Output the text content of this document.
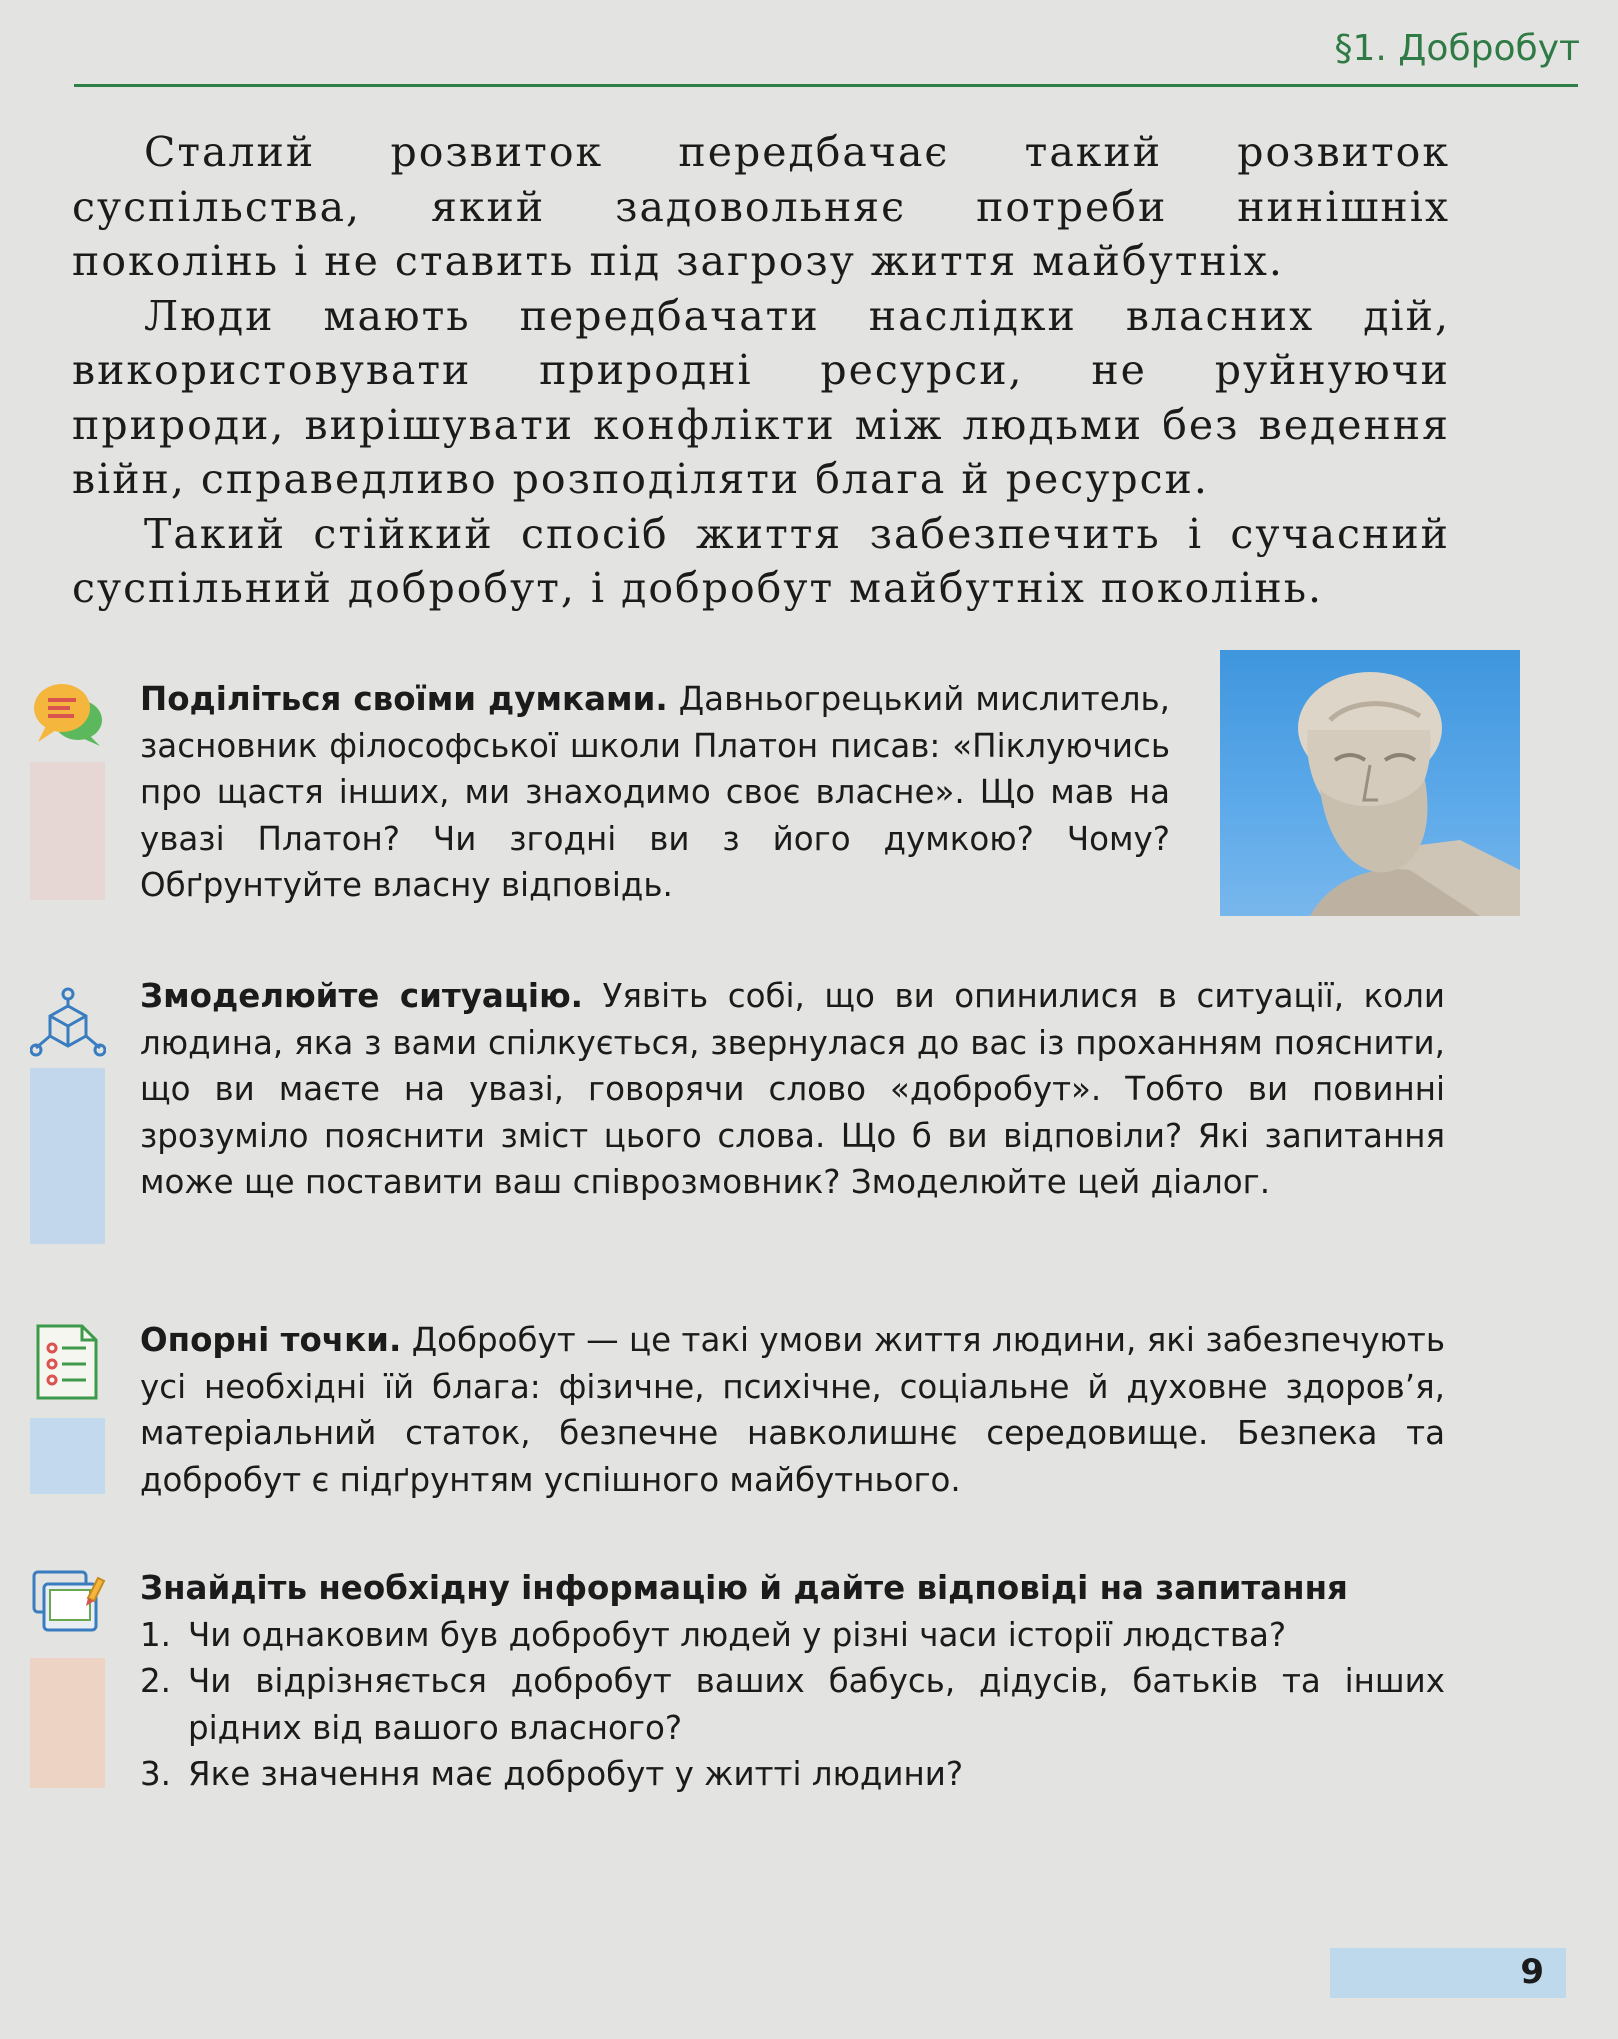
§1. Добробут

Сталий розвиток передбачає такий розвиток суспільства, який задовольняє потреби нинішніх поколінь і не ставить під загрозу життя майбутніх.

Люди мають передбачати наслідки власних дій, використовувати природні ресурси, не руйнуючи природи, вирішувати конфлікти між людьми без ведення війн, справедливо розподіляти блага й ресурси.

Такий стійкий спосіб життя забезпечить і сучасний суспільний добробут, і добробут майбутніх поколінь.

Поділіться своїми думками. Давньогрецький мислитель, засновник філософської школи Платон писав: «Піклуючись про щастя інших, ми знаходимо своє власне». Що мав на увазі Платон? Чи згодні ви з його думкою? Чому? Обґрунтуйте власну відповідь.
Змоделюйте ситуацію. Уявіть собі, що ви опинилися в ситуації, коли людина, яка з вами спілкується, звернулася до вас із проханням пояснити, що ви маєте на увазі, говорячи слово «добробут». Тобто ви повинні зрозуміло пояснити зміст цього слова. Що б ви відповіли? Які запитання може ще поставити ваш співрозмовник? Змоделюйте цей діалог.
Опорні точки. Добробут — це такі умови життя людини, які забезпечують усі необхідні їй блага: фізичне, психічне, соціальне й духовне здоров’я, матеріальний статок, безпечне навколишнє середовище. Безпека та добробут є підґрунтям успішного майбутнього.
Знайдіть необхідну інформацію й дайте відповіді на запитання
1. Чи однаковим був добробут людей у різні часи історії людства?
2. Чи відрізняється добробут ваших бабусь, дідусів, батьків та інших рідних від вашого власного?
3. Яке значення має добробут у житті людини?
9
